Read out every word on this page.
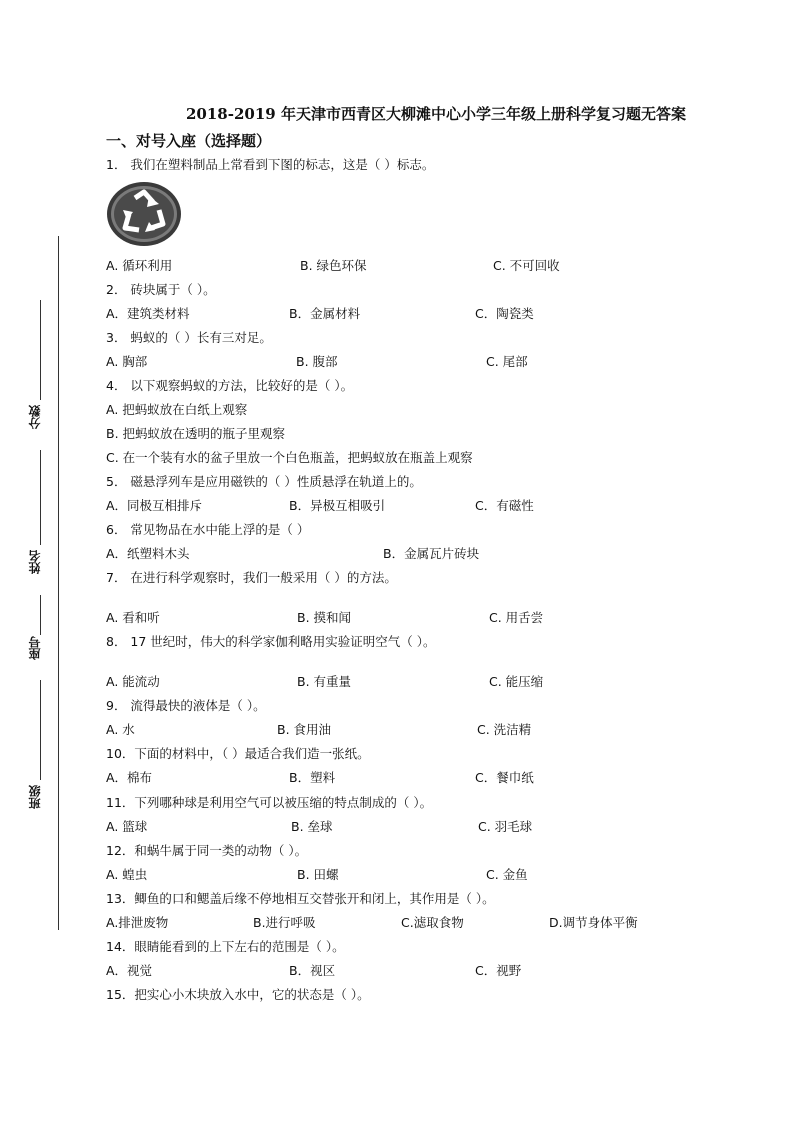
2018-2019 年天津市西青区大柳滩中心小学三年级上册科学复习题无答案
一、对号入座（选择题）
分数
姓名
座号
班级
1． 我们在塑料制品上常看到下图的标志，这是（ ）标志。
A. 循环利用	B. 绿色环保	C. 不可回收
2． 砖块属于（ ）。
A．建筑类材料	B．金属材料	C．陶瓷类
3． 蚂蚁的（ ）长有三对足。
A. 胸部	B. 腹部	C. 尾部
4． 以下观察蚂蚁的方法，比较好的是（ ）。
A. 把蚂蚁放在白纸上观察
B. 把蚂蚁放在透明的瓶子里观察
C. 在一个装有水的盆子里放一个白色瓶盖，把蚂蚁放在瓶盖上观察
5． 磁悬浮列车是应用磁铁的（ ）性质悬浮在轨道上的。
A．同极互相排斥	B．异极互相吸引	C．有磁性
6． 常见物品在水中能上浮的是（ ）
A．纸塑料木头	B．金属瓦片砖块
7． 在进行科学观察时，我们一般采用（ ）的方法。
A. 看和听	B. 摸和闻	C. 用舌尝
8． 17 世纪时，伟大的科学家伽利略用实验证明空气（ ）。
A. 能流动	B. 有重量	C. 能压缩
9． 流得最快的液体是（ ）。
A. 水	B. 食用油	C. 洗洁精
10．下面的材料中，（ ）最适合我们造一张纸。
A．棉布	B．塑料	C．餐巾纸
11．下列哪种球是利用空气可以被压缩的特点制成的（ ）。
A. 篮球	B. 垒球	C. 羽毛球
12．和蜗牛属于同一类的动物（ ）。
A. 蝗虫	B. 田螺	C. 金鱼
13．鲫鱼的口和鳃盖后缘不停地相互交替张开和闭上，其作用是（ ）。
A.排泄废物	B.进行呼吸	C.滤取食物	D.调节身体平衡
14．眼睛能看到的上下左右的范围是（ ）。
A．视觉	B．视区	C．视野
15．把实心小木块放入水中，它的状态是（ ）。
